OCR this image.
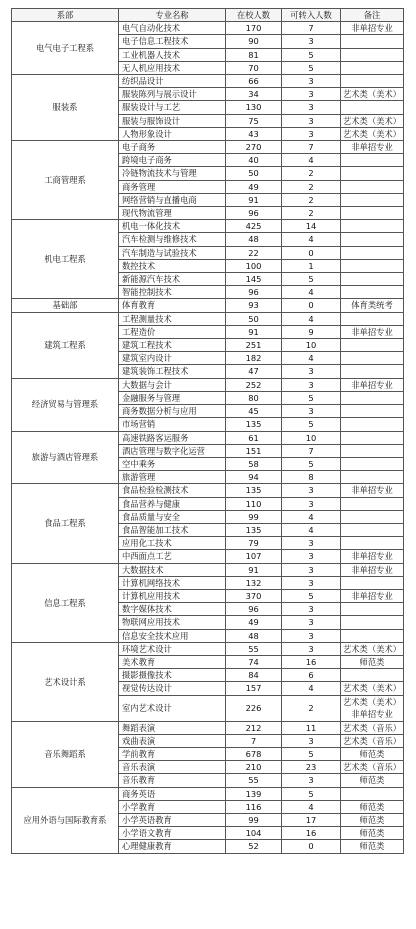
系部	专业名称	在校人数	可转入人数	备注
电气电子工程系	电气自动化技术	170	7	非单招专业

	电子信息工程技术	90	3	
	工业机器人技术	81	5	
	无人机应用技术	70	5	
服装系	纺织品设计	66	3	
	服装陈列与展示设计	34	3	艺术类（美术）

	服装设计与工艺	130	3	
	服装与服饰设计	75	3	艺术类（美术）

	人物形象设计	43	3	艺术类（美术）

工商管理系	电子商务	270	7	非单招专业

	跨境电子商务	40	4	
	冷链物流技术与管理	50	2	
	商务管理	49	2	
	网络营销与直播电商	91	2	
	现代物流管理	96	2	
机电工程系	机电一体化技术	425	14	
	汽车检测与维修技术	48	4	
	汽车制造与试验技术	22	0	
	数控技术	100	1	
	新能源汽车技术	145	5	
	智能控制技术	96	4	
基础部	体育教育	93	0	体育类统考

建筑工程系	工程测量技术	50	4	
	工程造价	91	9	非单招专业

	建筑工程技术	251	10	
	建筑室内设计	182	4	
	建筑装饰工程技术	47	3	
经济贸易与管理系	大数据与会计	252	3	非单招专业

	金融服务与管理	80	5	
	商务数据分析与应用	45	3	
	市场营销	135	5	
旅游与酒店管理系	高速铁路客运服务	61	10	
	酒店管理与数字化运营	151	7	
	空中乘务	58	5	
	旅游管理	94	8	
食品工程系	食品检验检测技术	135	3	非单招专业

	食品营养与健康	110	3	
	食品质量与安全	99	4	
	食品智能加工技术	135	4	
	应用化工技术	79	3	
	中西面点工艺	107	3	非单招专业

信息工程系	大数据技术	91	3	非单招专业

	计算机网络技术	132	3	
	计算机应用技术	370	5	非单招专业

	数字媒体技术	96	3	
	物联网应用技术	49	3	
	信息安全技术应用	48	3	
艺术设计系	环境艺术设计	55	3	艺术类（美术）

	美术教育	74	16	师范类

	摄影摄像技术	84	6	
	视觉传达设计	157	4	艺术类（美术）

	室内艺术设计	226	2	艺术类（美术）
非单招专业

音乐舞蹈系	舞蹈表演	212	11	艺术类（音乐）

	戏曲表演	7	3	艺术类（音乐）

	学前教育	678	5	师范类

	音乐表演	210	23	艺术类（音乐）

	音乐教育	55	3	师范类

应用外语与国际教育系	商务英语	139	5	
	小学教育	116	4	师范类

	小学英语教育	99	17	师范类

	小学语文教育	104	16	师范类

	心理健康教育	52	0	师范类
